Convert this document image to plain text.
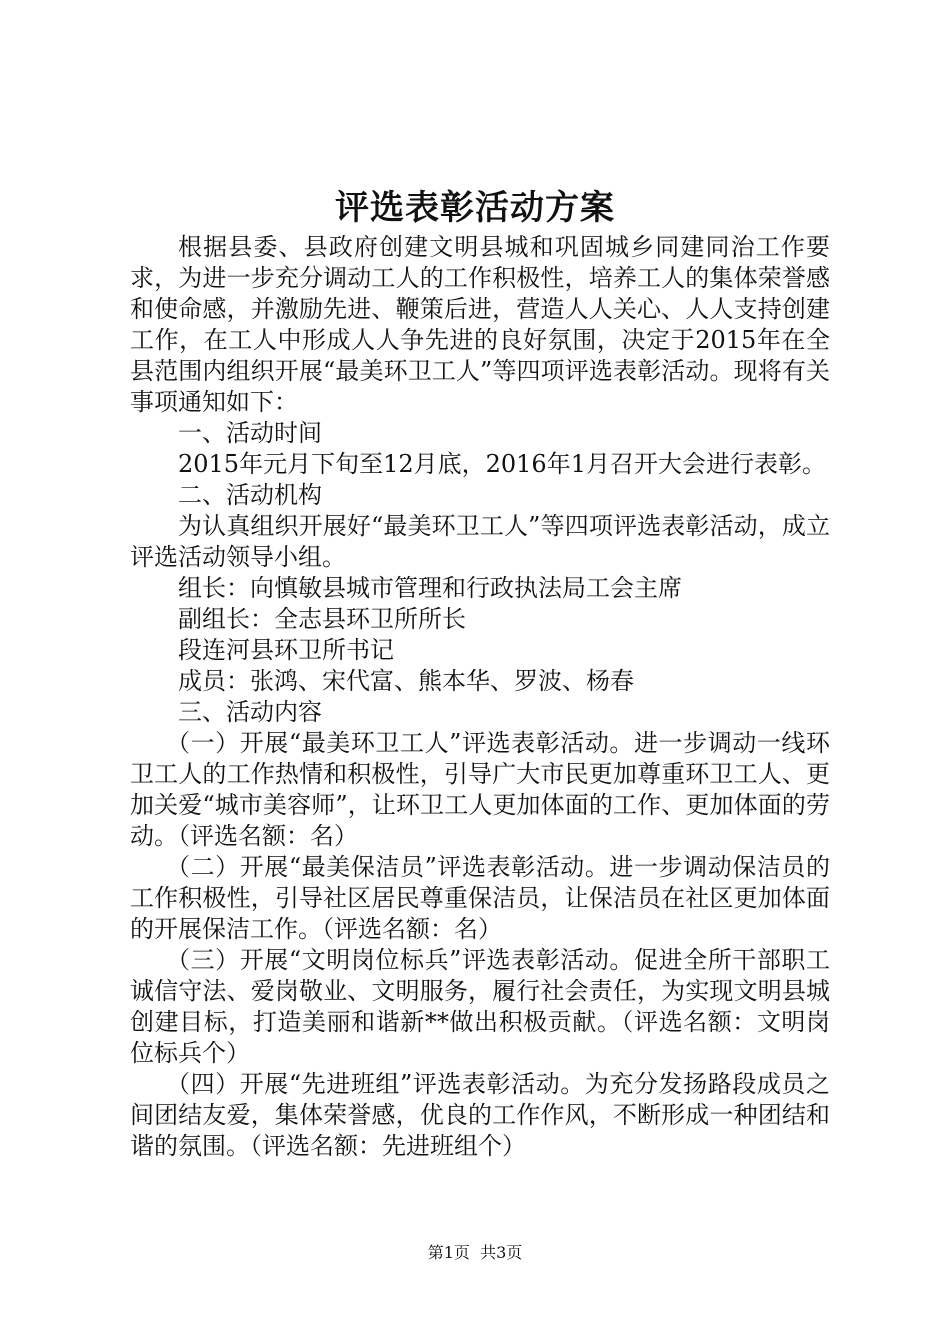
评选表彰活动方案

根据县委、县政府创建文明县城和巩固城乡同建同治工作要求，为进一步充分调动工人的工作积极性，培养工人的集体荣誉感和使命感，并激励先进、鞭策后进，营造人人关心、人人支持创建工作，在工人中形成人人争先进的良好氛围，决定于2015年在全县范围内组织开展“最美环卫工人”等四项评选表彰活动。现将有关事项通知如下：

一、活动时间

2015年元月下旬至12月底，2016年1月召开大会进行表彰。

二、活动机构

为认真组织开展好“最美环卫工人”等四项评选表彰活动，成立评选活动领导小组。

组长：向慎敏县城市管理和行政执法局工会主席

副组长：全志县环卫所所长

段连河县环卫所书记

成员：张鸿、宋代富、熊本华、罗波、杨春

三、活动内容

（一）开展“最美环卫工人”评选表彰活动。进一步调动一线环卫工人的工作热情和积极性，引导广大市民更加尊重环卫工人、更加关爱“城市美容师”，让环卫工人更加体面的工作、更加体面的劳动。（评选名额：名）

（二）开展“最美保洁员”评选表彰活动。进一步调动保洁员的工作积极性，引导社区居民尊重保洁员，让保洁员在社区更加体面的开展保洁工作。（评选名额：名）

（三）开展“文明岗位标兵”评选表彰活动。促进全所干部职工诚信守法、爱岗敬业、文明服务，履行社会责任，为实现文明县城创建目标，打造美丽和谐新**做出积极贡献。（评选名额：文明岗位标兵个）

（四）开展“先进班组”评选表彰活动。为充分发扬路段成员之间团结友爱，集体荣誉感，优良的工作作风，不断形成一种团结和谐的氛围。（评选名额：先进班组个）

第1页 共3页
